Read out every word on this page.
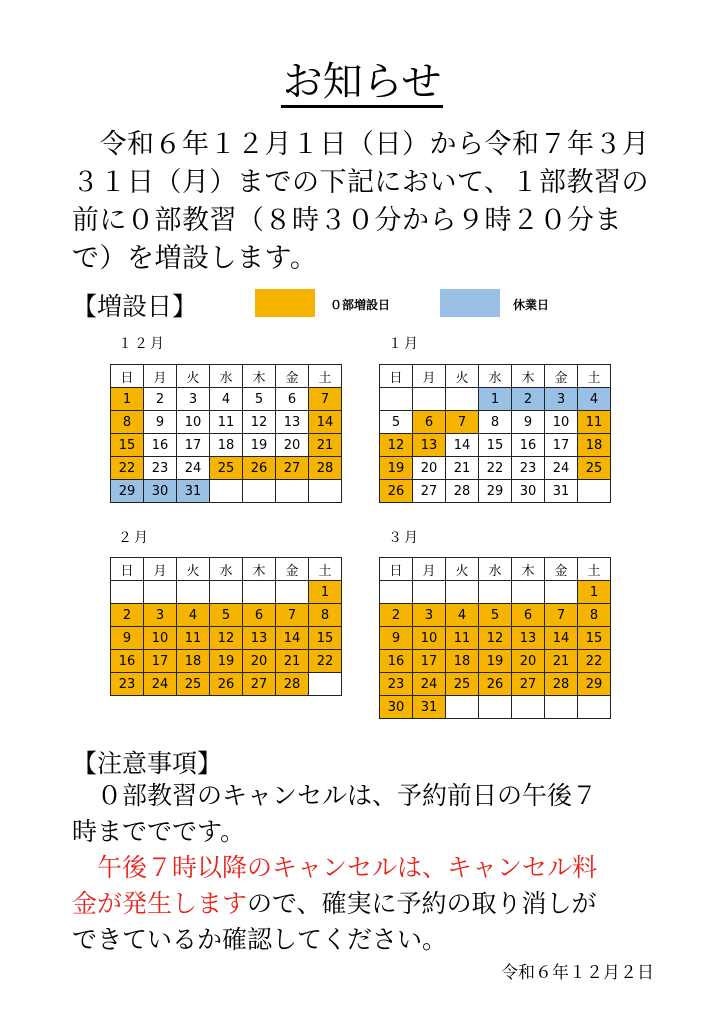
お知らせ

　令和６年１２月１日（日）から令和７年３月

３１日（月）までの下記において、１部教習の

前に０部教習（８時３０分から９時２０分ま

で）を増設します。

【増設日】	０部増設日	休業日
１２月
日	月	火	水	木	金	土
1	2	3	4	5	6	7
8	9	10	11	12	13	14
15	16	17	18	19	20	21
22	23	24	25	26	27	28
29	30	31				
１月
日	月	火	水	木	金	土
			1	2	3	4
5	6	7	8	9	10	11
12	13	14	15	16	17	18
19	20	21	22	23	24	25
26	27	28	29	30	31	
２月
日	月	火	水	木	金	土
						1
2	3	4	5	6	7	8
9	10	11	12	13	14	15
16	17	18	19	20	21	22
23	24	25	26	27	28	
３月
日	月	火	水	木	金	土
						1
2	3	4	5	6	7	8
9	10	11	12	13	14	15
16	17	18	19	20	21	22
23	24	25	26	27	28	29
30	31					
【注意事項】

　０部教習のキャンセルは、予約前日の午後７

時まででです。

　午後７時以降のキャンセルは、キャンセル料

金が発生しますので、確実に予約の取り消しが

できているか確認してください。

令和６年１２月２日
